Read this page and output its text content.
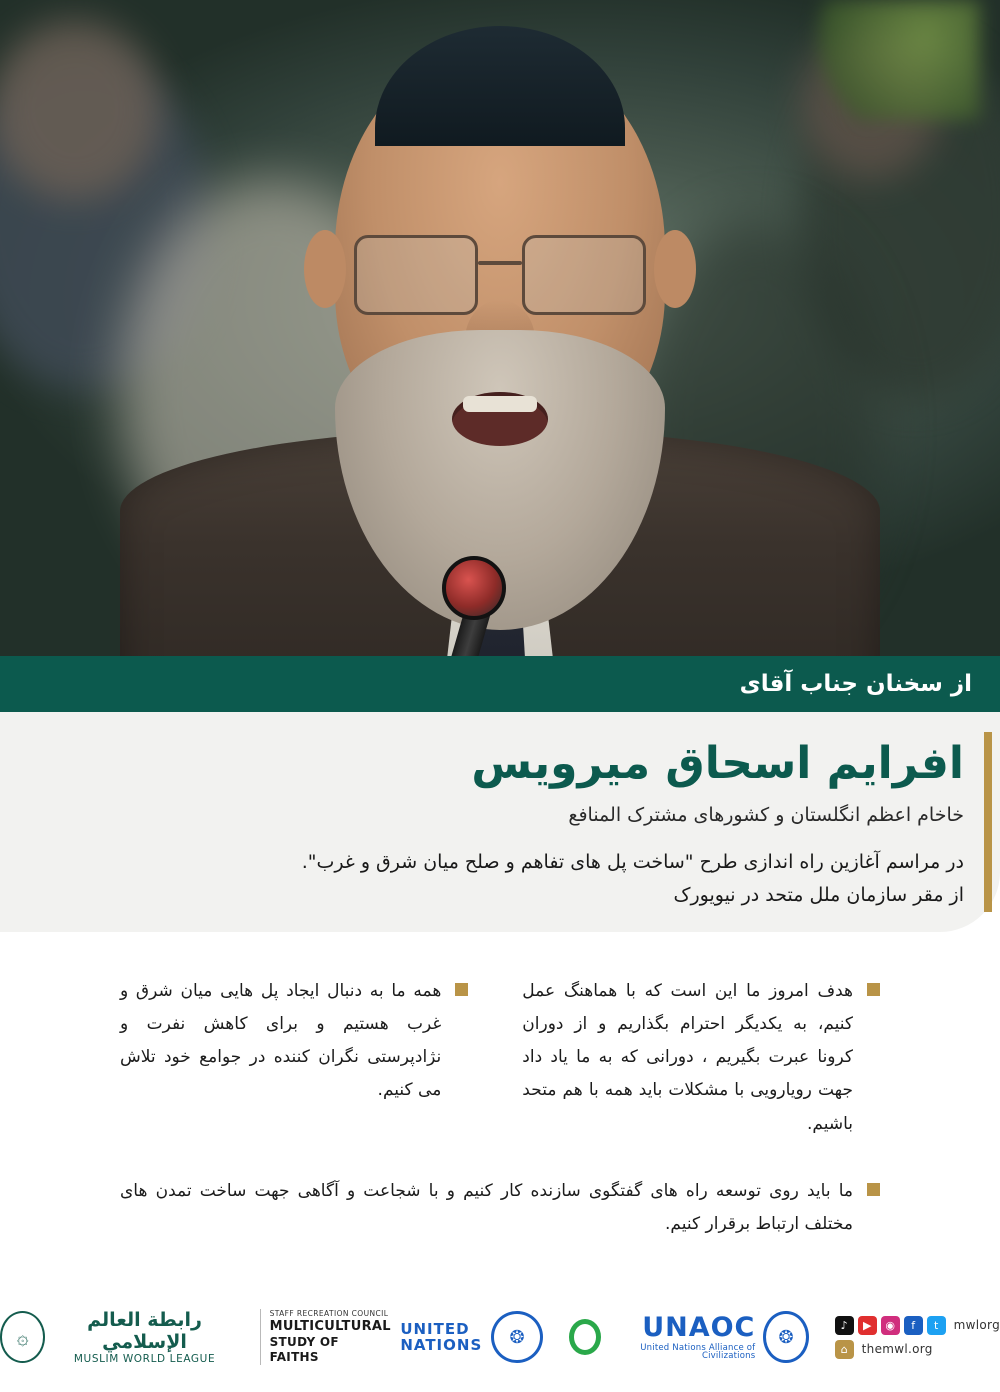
از سخنان جناب آقای
افرایم اسحاق میرویس
خاخام اعظم انگلستان و کشورهای مشترک المنافع
در مراسم آغازین راه اندازی طرح "ساخت پل های تفاهم و صلح میان شرق و غرب".
از مقر سازمان ملل متحد در نیویورک
هدف امروز ما این است که با هماهنگ عمل کنیم، به یکدیگر احترام بگذاریم و از دوران کرونا عبرت بگیریم ، دورانی که به ما یاد داد جهت رویارویی با مشکلات باید همه با هم متحد باشیم.
همه ما به دنبال ایجاد پل هایی میان شرق و غرب هستیم و برای کاهش نفرت و نژادپرستی نگران کننده در جوامع خود تلاش می کنیم.
ما باید روی توسعه راه های گفتگوی سازنده کار کنیم و با شجاعت و آگاهی جهت ساخت تمدن های مختلف ارتباط برقرار کنیم.
mwlorg
t
f
◉
▶
♪
themwl.org
⌂
❂
UNAOC
United Nations Alliance of Civilizations
❂
UNITED
NATIONS
STAFF RECREATION COUNCIL
MULTICULTURAL
STUDY OF FAITHS
رابطة العالم الإسلامي
MUSLIM WORLD LEAGUE
۞
